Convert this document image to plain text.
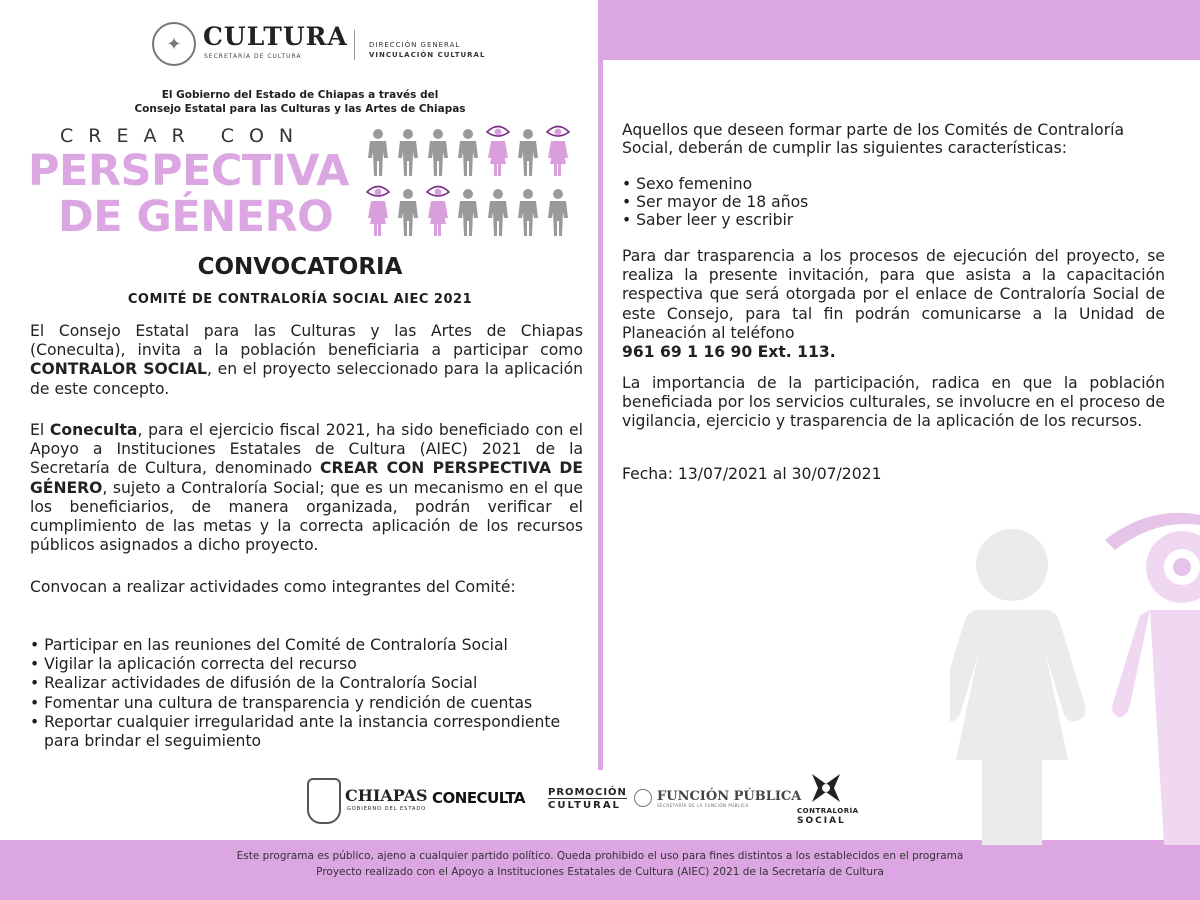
✦ CULTURA
SECRETARÍA DE CULTURA
DIRECCIÓN GENERAL
VINCULACIÓN CULTURAL
El Gobierno del Estado de Chiapas a través del
Consejo Estatal para las Culturas y las Artes de Chiapas
CREAR CON
PERSPECTIVA
DE GÉNERO
CONVOCATORIA
COMITÉ DE CONTRALORÍA SOCIAL AIEC 2021
El Consejo Estatal para las Culturas y las Artes de Chiapas (Coneculta), invita a la población beneficiaria a participar como CONTRALOR SOCIAL, en el proyecto seleccionado para la aplicación de este concepto.
El Coneculta, para el ejercicio fiscal 2021, ha sido beneficiado con el Apoyo a Instituciones Estatales de Cultura (AIEC) 2021 de la Secretaría de Cultura, denominado CREAR CON PERSPECTIVA DE GÉNERO, sujeto a Contraloría Social; que es un mecanismo en el que los beneficiarios, de manera organizada, podrán verificar el cumplimiento de las metas y la correcta aplicación de los recursos públicos asignados a dicho proyecto.
Convocan a realizar actividades como integrantes del Comité:
• Participar en las reuniones del Comité de Contraloría Social
• Vigilar la aplicación correcta del recurso
• Realizar actividades de difusión de la Contraloría Social
• Fomentar una cultura de transparencia y rendición de cuentas
• Reportar cualquier irregularidad ante la instancia correspondiente para brindar el seguimiento
Aquellos que deseen formar parte de los Comités de Contraloría Social, deberán de cumplir las siguientes características:
• Sexo femenino
• Ser mayor de 18 años
• Saber leer y escribir
Para dar trasparencia a los procesos de ejecución del proyecto, se realiza la presente invitación, para que asista a la capacitación respectiva que será otorgada por el enlace de Contraloría Social de este Consejo, para tal fin podrán comunicarse a la Unidad de Planeación al teléfono
961 69 1 16 90 Ext. 113.
La importancia de la participación, radica en que la población beneficiada por los servicios culturales, se involucre en el proceso de vigilancia, ejercicio y trasparencia de la aplicación de los recursos.
Fecha: 13/07/2021 al 30/07/2021
CHIAPAS
GOBIERNO DEL ESTADO
CONECULTA PROMOCIÓN
CULTURAL
FUNCIÓN PÚBLICA
SECRETARÍA DE LA FUNCIÓN PÚBLICA
CONTRALORÍA
SOCIAL
Este programa es público, ajeno a cualquier partido político. Queda prohibido el uso para fines distintos a los establecidos en el programa
Proyecto realizado con el Apoyo a Instituciones Estatales de Cultura (AIEC) 2021 de la Secretaría de Cultura
